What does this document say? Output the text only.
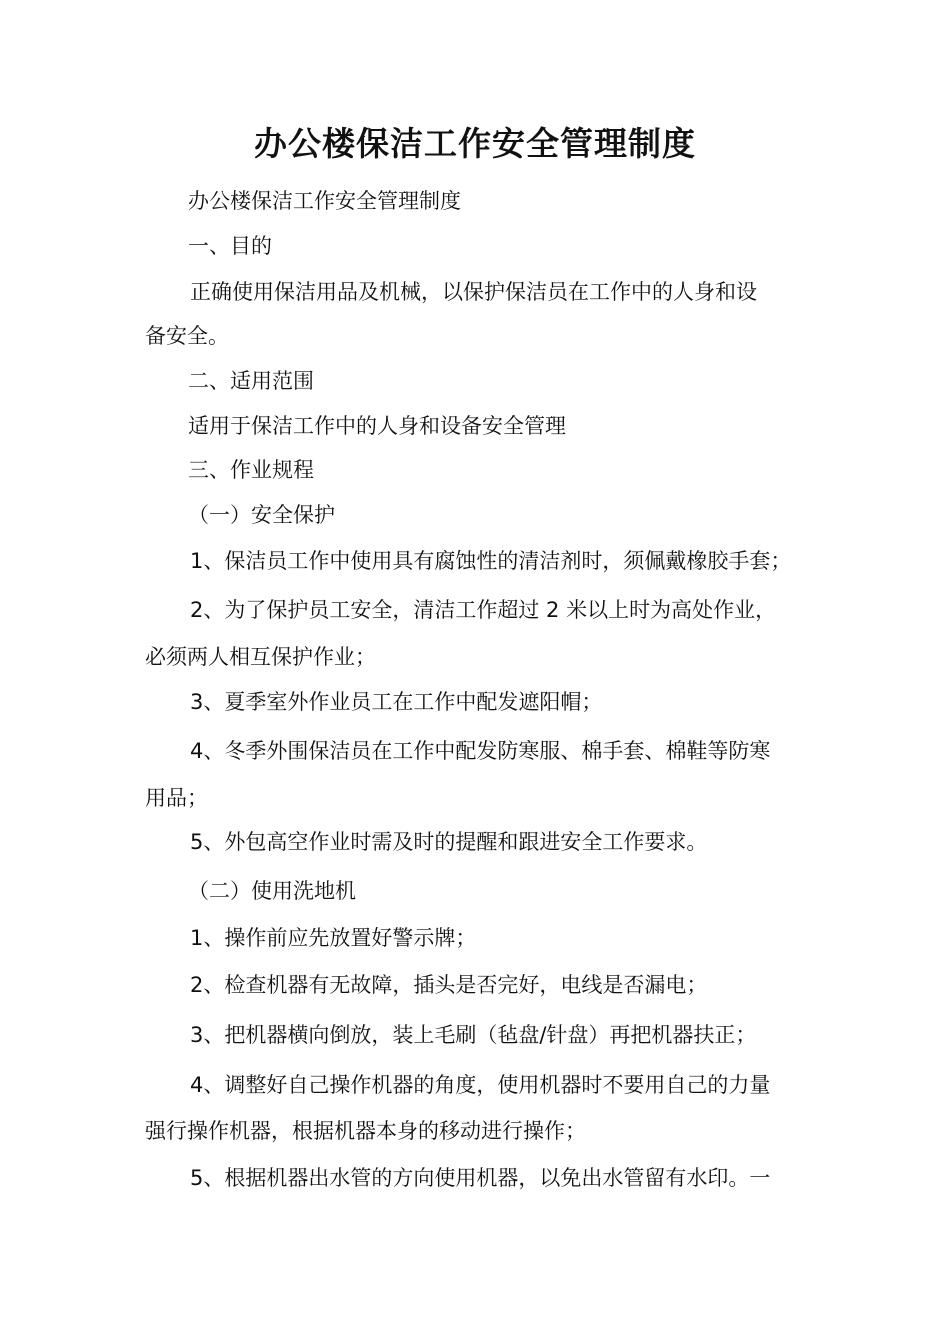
办公楼保洁工作安全管理制度
办公楼保洁工作安全管理制度
一、目的
正确使用保洁用品及机械，以保护保洁员在工作中的人身和设
备安全。
二、适用范围
适用于保洁工作中的人身和设备安全管理
三、作业规程
（一）安全保护
1、保洁员工作中使用具有腐蚀性的清洁剂时，须佩戴橡胶手套；
2、为了保护员工安全，清洁工作超过 2 米以上时为高处作业，
必须两人相互保护作业；
3、夏季室外作业员工在工作中配发遮阳帽；
4、冬季外围保洁员在工作中配发防寒服、棉手套、棉鞋等防寒
用品；
5、外包高空作业时需及时的提醒和跟进安全工作要求。
（二）使用洗地机
1、操作前应先放置好警示牌；
2、检查机器有无故障，插头是否完好，电线是否漏电；
3、把机器横向倒放，装上毛刷（毡盘/针盘）再把机器扶正；
4、调整好自己操作机器的角度，使用机器时不要用自己的力量
强行操作机器，根据机器本身的移动进行操作；
5、根据机器出水管的方向使用机器，以免出水管留有水印。一
